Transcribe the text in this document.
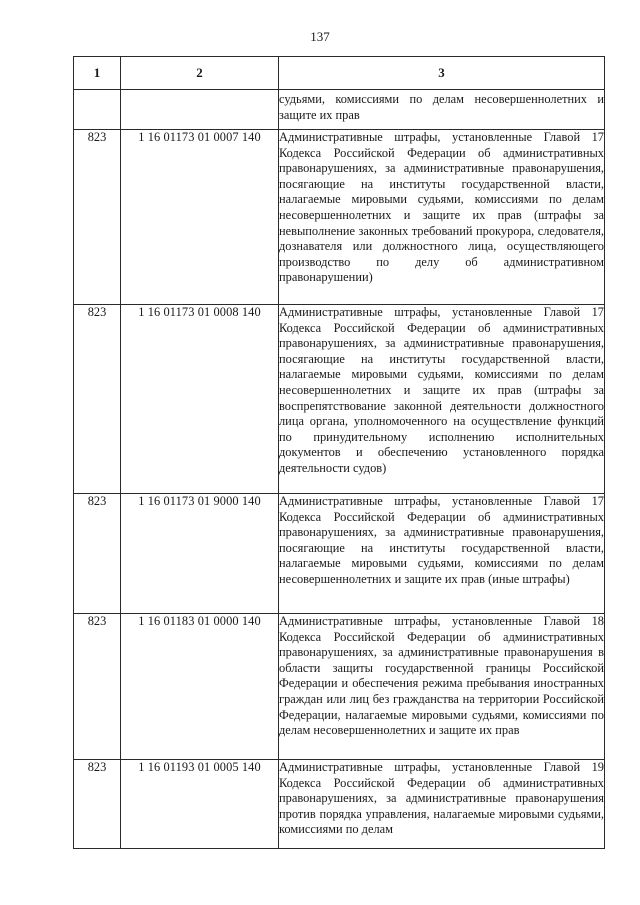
137
1	2	3
		судьями, комиссиями по делам несовершеннолетних и защите их прав
823	1 16 01173 01 0007 140	Административные штрафы, установленные Главой 17 Кодекса Российской Федерации об административных правонарушениях, за административные правонарушения, посягающие на институты государственной власти, налагаемые мировыми судьями, комиссиями по делам несовершеннолетних и защите их прав (штрафы за невыполнение законных требований прокурора, следователя, дознавателя или должностного лица, осуществляющего производство по делу об административном правонарушении)
823	1 16 01173 01 0008 140	Административные штрафы, установленные Главой 17 Кодекса Российской Федерации об административных правонарушениях, за административные правонарушения, посягающие на институты государственной власти, налагаемые мировыми судьями, комиссиями по делам несовершеннолетних и защите их прав (штрафы за воспрепятствование законной деятельности должностного лица органа, уполномоченного на осуществление функций по принудительному исполнению исполнительных документов и обеспечению установленного порядка деятельности судов)
823	1 16 01173 01 9000 140	Административные штрафы, установленные Главой 17 Кодекса Российской Федерации об административных правонарушениях, за административные правонарушения, посягающие на институты государственной власти, налагаемые мировыми судьями, комиссиями по делам несовершеннолетних и защите их прав (иные штрафы)
823	1 16 01183 01 0000 140	Административные штрафы, установленные Главой 18 Кодекса Российской Федерации об административных правонарушениях, за административные правонарушения в области защиты государственной границы Российской Федерации и обеспечения режима пребывания иностранных граждан или лиц без гражданства на территории Российской Федерации, налагаемые мировыми судьями, комиссиями по делам несовершеннолетних и защите их прав
823	1 16 01193 01 0005 140	Административные штрафы, установленные Главой 19 Кодекса Российской Федерации об административных правонарушениях, за административные правонарушения против порядка управления, налагаемые мировыми судьями, комиссиями по делам
